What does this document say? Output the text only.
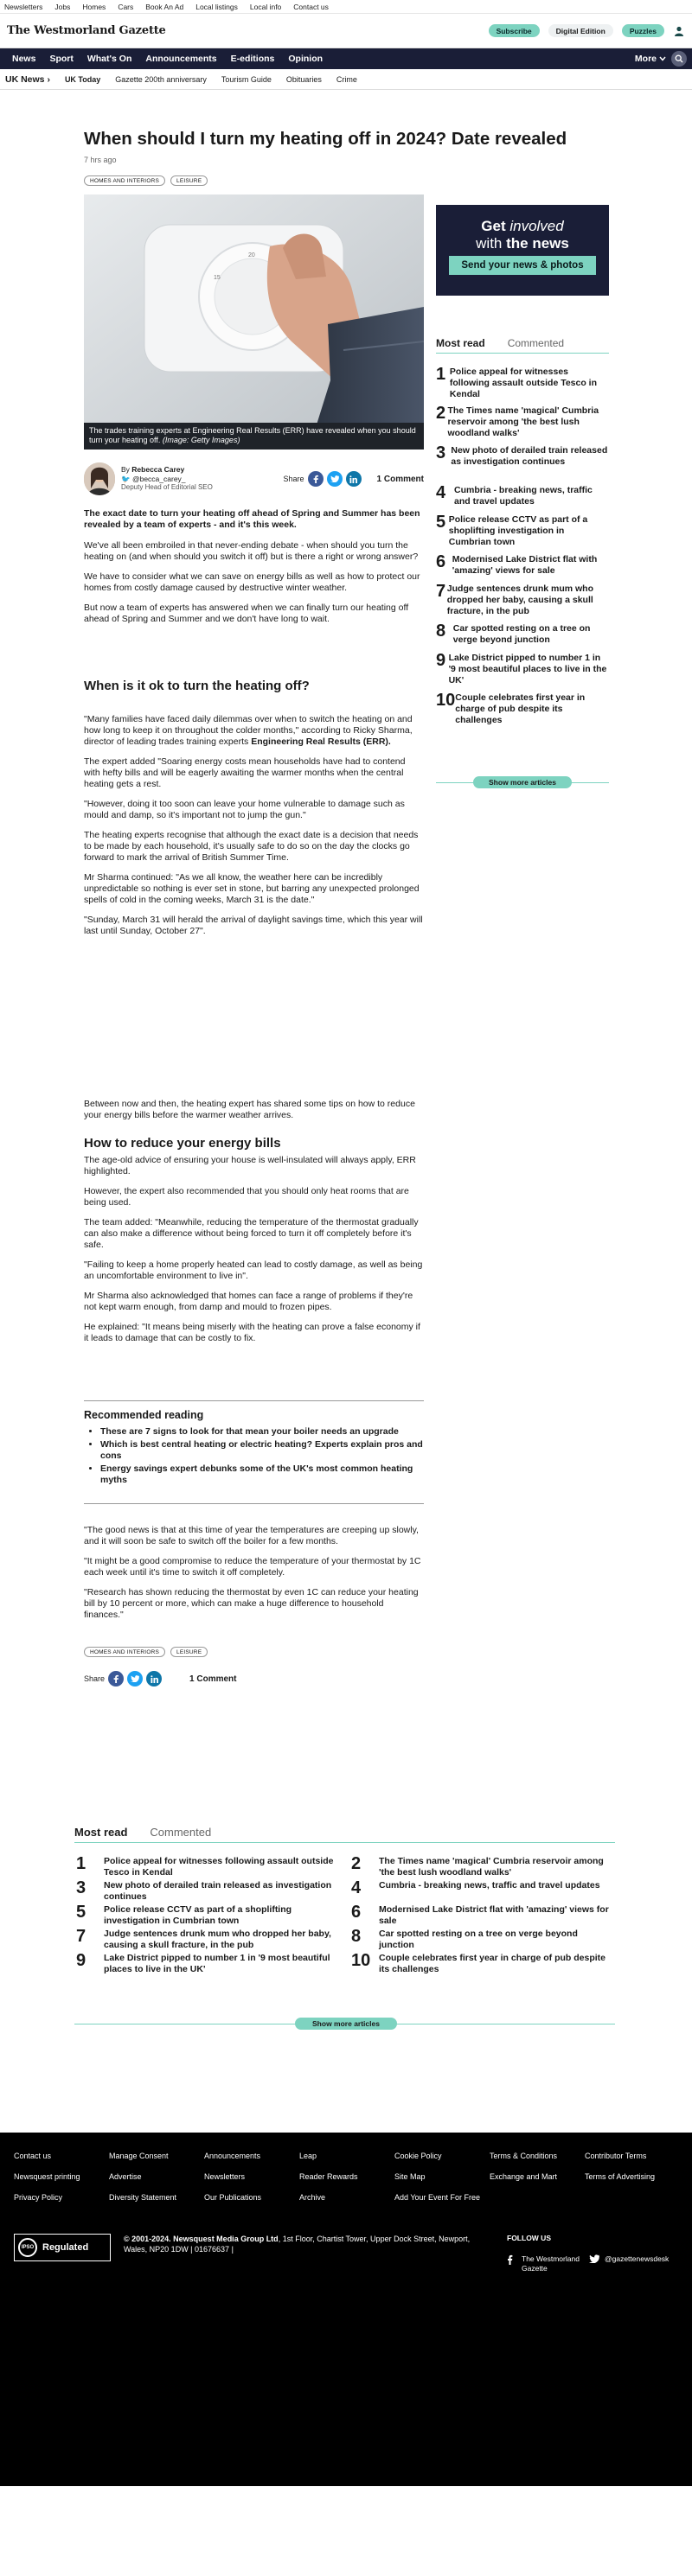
Newsletters Jobs Homes Cars Book An Ad Local listings Local info Contact us
The Westmorland Gazette	Subscribe	Digital Edition	Puzzles
News	Sport	What's On	Announcements	E-editions	Opinion	More
UK News › UK Today Gazette 200th anniversary Tourism Guide Obituaries Crime
When should I turn my heating off in 2024? Date revealed
7 hrs ago
HOMES AND INTERIORS	LEISURE
15
20
The trades training experts at Engineering Real Results (ERR) have revealed when you should turn your heating off. (Image: Getty Images)
By Rebecca Carey
🐦 @becca_carey_
Deputy Head of Editorial SEO
Share	1 Comment
The exact date to turn your heating off ahead of Spring and Summer has been revealed by a team of experts - and it's this week.

We've all been embroiled in that never-ending debate - when should you turn the heating on (and when should you switch it off) but is there a right or wrong answer?

We have to consider what we can save on energy bills as well as how to protect our homes from costly damage caused by destructive winter weather.

But now a team of experts has answered when we can finally turn our heating off ahead of Spring and Summer and we don't have long to wait.

When is it ok to turn the heating off?

"Many families have faced daily dilemmas over when to switch the heating on and how long to keep it on throughout the colder months," according to Ricky Sharma, director of leading trades training experts Engineering Real Results (ERR).

The expert added "Soaring energy costs mean households have had to contend with hefty bills and will be eagerly awaiting the warmer months when the central heating gets a rest.

"However, doing it too soon can leave your home vulnerable to damage such as mould and damp, so it's important not to jump the gun."

The heating experts recognise that although the exact date is a decision that needs to be made by each household, it's usually safe to do so on the day the clocks go forward to mark the arrival of British Summer Time.

Mr Sharma continued: "As we all know, the weather here can be incredibly unpredictable so nothing is ever set in stone, but barring any unexpected prolonged spells of cold in the coming weeks, March 31 is the date."

"Sunday, March 31 will herald the arrival of daylight savings time, which this year will last until Sunday, October 27".

Between now and then, the heating expert has shared some tips on how to reduce your energy bills before the warmer weather arrives.
How to reduce your energy bills

The age-old advice of ensuring your house is well-insulated will always apply, ERR highlighted.

However, the expert also recommended that you should only heat rooms that are being used.

The team added: "Meanwhile, reducing the temperature of the thermostat gradually can also make a difference without being forced to turn it off completely before it's safe.

"Failing to keep a home properly heated can lead to costly damage, as well as being an uncomfortable environment to live in".

Mr Sharma also acknowledged that homes can face a range of problems if they're not kept warm enough, from damp and mould to frozen pipes.

He explained: "It means being miserly with the heating can prove a false economy if it leads to damage that can be costly to fix.

Recommended reading
• These are 7 signs to look for that mean your boiler needs an upgrade
• Which is best central heating or electric heating? Experts explain pros and cons
• Energy savings expert debunks some of the UK's most common heating myths

"The good news is that at this time of year the temperatures are creeping up slowly, and it will soon be safe to switch off the boiler for a few months.

"It might be a good compromise to reduce the temperature of your thermostat by 1C each week until it's time to switch it off completely.

"Research has shown reducing the thermostat by even 1C can reduce your heating bill by 10 percent or more, which can make a huge difference to household finances."

HOMES AND INTERIORS	LEISURE
Share	1 Comment
Get involved
with the news
Send your news & photos
Most read Commented
1 Police appeal for witnesses following assault outside Tesco in Kendal
2 The Times name 'magical' Cumbria reservoir among 'the best lush woodland walks'
3 New photo of derailed train released as investigation continues
4 Cumbria - breaking news, traffic and travel updates
5 Police release CCTV as part of a shoplifting investigation in Cumbrian town
6 Modernised Lake District flat with 'amazing' views for sale
7 Judge sentences drunk mum who dropped her baby, causing a skull fracture, in the pub
8 Car spotted resting on a tree on verge beyond junction
9 Lake District pipped to number 1 in '9 most beautiful places to live in the UK'
10 Couple celebrates first year in charge of pub despite its challenges
Show more articles
Most read Commented
1	Police appeal for witnesses following assault outside Tesco in Kendal	2	The Times name 'magical' Cumbria reservoir among 'the best lush woodland walks'
3	New photo of derailed train released as investigation continues	4	Cumbria - breaking news, traffic and travel updates
5	Police release CCTV as part of a shoplifting investigation in Cumbrian town	6	Modernised Lake District flat with 'amazing' views for sale
7	Judge sentences drunk mum who dropped her baby, causing a skull fracture, in the pub	8	Car spotted resting on a tree on verge beyond junction
9	Lake District pipped to number 1 in '9 most beautiful places to live in the UK'	10 Couple celebrates first year in charge of pub despite its challenges
Show more articles
Contact us	Manage Consent	Announcements	Leap	Cookie Policy	Terms & Conditions	Contributor Terms
Newsquest printing	Advertise	Newsletters	Reader Rewards	Site Map	Exchange and Mart	Terms of Advertising
Privacy Policy	Diversity Statement	Our Publications	Archive	Add Your Event For Free
IPSO Regulated
© 2001-2024. Newsquest Media Group Ltd, 1st Floor, Chartist Tower, Upper Dock Street, Newport, Wales, NP20 1DW | 01676637 |
FOLLOW US
The Westmorland Gazette
@gazettenewsdesk
